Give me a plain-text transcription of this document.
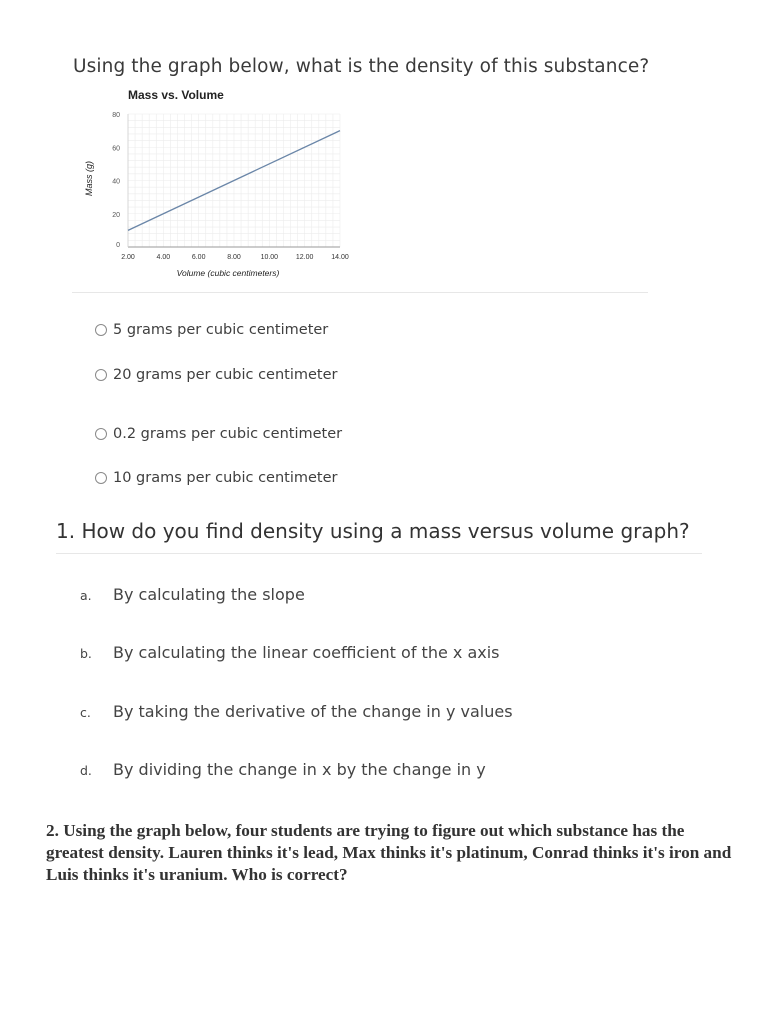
Using the graph below, what is the density of this substance?
Mass vs. Volume
0
20
40
60
80
2.00	4.00	6.00	8.00	10.00	12.00	14.00
Volume (cubic centimeters)
Mass (g)
5 grams per cubic centimeter
20 grams per cubic centimeter
0.2 grams per cubic centimeter
10 grams per cubic centimeter
1. How do you find density using a mass versus volume graph?
a.	By calculating the slope
b.	By calculating the linear coefficient of the x axis
c.	By taking the derivative of the change in y values
d.	By dividing the change in x by the change in y
2. Using the graph below, four students are trying to figure out which substance has the greatest density. Lauren thinks it's lead, Max thinks it's platinum, Conrad thinks it's iron and Luis thinks it's uranium. Who is correct?
